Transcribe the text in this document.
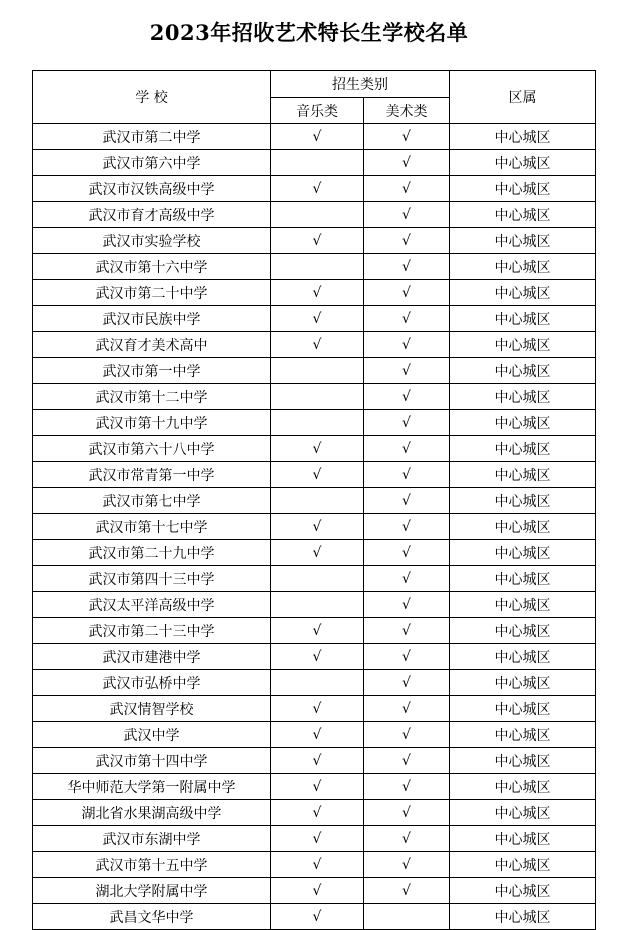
2023年招收艺术特长生学校名单
学 校	招生类别		区属
	音乐类	美术类	
武汉市第二中学	√	√	中心城区
武汉市第六中学		√	中心城区
武汉市汉铁高级中学	√	√	中心城区
武汉市育才高级中学		√	中心城区
武汉市实验学校	√	√	中心城区
武汉市第十六中学		√	中心城区
武汉市第二十中学	√	√	中心城区
武汉市民族中学	√	√	中心城区
武汉育才美术高中	√	√	中心城区
武汉市第一中学		√	中心城区
武汉市第十二中学		√	中心城区
武汉市第十九中学		√	中心城区
武汉市第六十八中学	√	√	中心城区
武汉市常青第一中学	√	√	中心城区
武汉市第七中学		√	中心城区
武汉市第十七中学	√	√	中心城区
武汉市第二十九中学	√	√	中心城区
武汉市第四十三中学		√	中心城区
武汉太平洋高级中学		√	中心城区
武汉市第二十三中学	√	√	中心城区
武汉市建港中学	√	√	中心城区
武汉市弘桥中学		√	中心城区
武汉情智学校	√	√	中心城区
武汉中学	√	√	中心城区
武汉市第十四中学	√	√	中心城区
华中师范大学第一附属中学	√	√	中心城区
湖北省水果湖高级中学	√	√	中心城区
武汉市东湖中学	√	√	中心城区
武汉市第十五中学	√	√	中心城区
湖北大学附属中学	√	√	中心城区
武昌文华中学	√		中心城区
